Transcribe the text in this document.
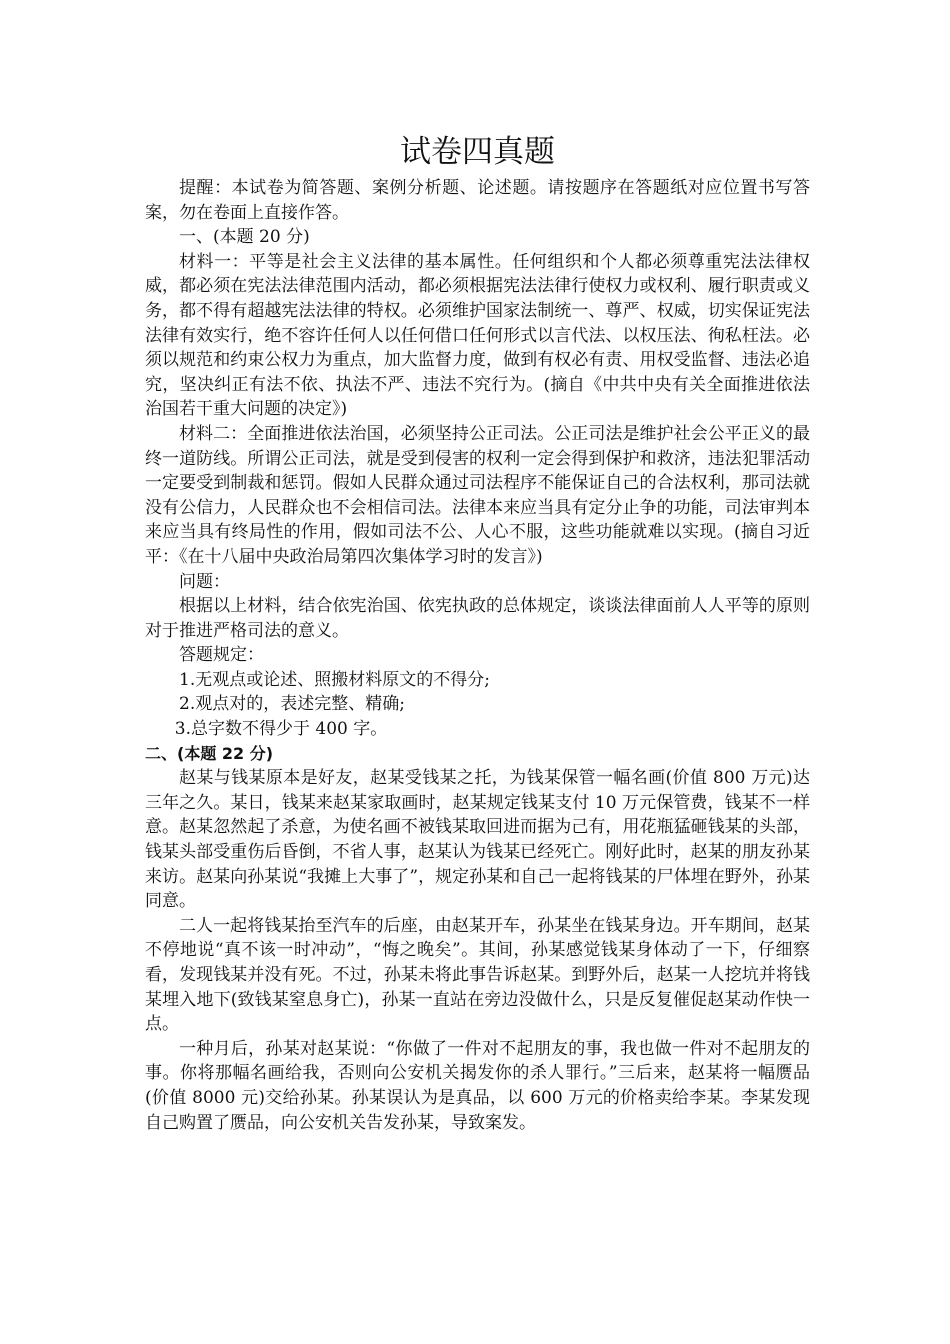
试卷四真题

提醒：本试卷为简答题、案例分析题、论述题。请按题序在答题纸对应位置书写答案，勿在卷面上直接作答。

一、(本题 20 分)

材料一：平等是社会主义法律的基本属性。任何组织和个人都必须尊重宪法法律权威，都必须在宪法法律范围内活动，都必须根据宪法法律行使权力或权利、履行职责或义务，都不得有超越宪法法律的特权。必须维护国家法制统一、尊严、权威，切实保证宪法法律有效实行，绝不容许任何人以任何借口任何形式以言代法、以权压法、徇私枉法。必须以规范和约束公权力为重点，加大监督力度，做到有权必有责、用权受监督、违法必追究，坚决纠正有法不依、执法不严、违法不究行为。(摘自《中共中央有关全面推进依法治国若干重大问题的决定》)

材料二：全面推进依法治国，必须坚持公正司法。公正司法是维护社会公平正义的最终一道防线。所谓公正司法，就是受到侵害的权利一定会得到保护和救济，违法犯罪活动一定要受到制裁和惩罚。假如人民群众通过司法程序不能保证自己的合法权利，那司法就没有公信力，人民群众也不会相信司法。法律本来应当具有定分止争的功能，司法审判本来应当具有终局性的作用，假如司法不公、人心不服，这些功能就难以实现。(摘自习近平：《在十八届中央政治局第四次集体学习时的发言》)

问题：

根据以上材料，结合依宪治国、依宪执政的总体规定，谈谈法律面前人人平等的原则对于推进严格司法的意义。

答题规定：

1.无观点或论述、照搬材料原文的不得分;

2.观点对的，表述完整、精确;

3.总字数不得少于 400 字。

二、(本题 22 分)

赵某与钱某原本是好友，赵某受钱某之托，为钱某保管一幅名画(价值 800 万元)达三年之久。某日，钱某来赵某家取画时，赵某规定钱某支付 10 万元保管费，钱某不一样意。赵某忽然起了杀意，为使名画不被钱某取回进而据为己有，用花瓶猛砸钱某的头部，钱某头部受重伤后昏倒，不省人事，赵某认为钱某已经死亡。刚好此时，赵某的朋友孙某来访。赵某向孙某说“我摊上大事了”，规定孙某和自己一起将钱某的尸体埋在野外，孙某同意。

二人一起将钱某抬至汽车的后座，由赵某开车，孙某坐在钱某身边。开车期间，赵某不停地说“真不该一时冲动”，“悔之晚矣”。其间，孙某感觉钱某身体动了一下，仔细察看，发现钱某并没有死。不过，孙某未将此事告诉赵某。到野外后，赵某一人挖坑并将钱某埋入地下(致钱某窒息身亡)，孙某一直站在旁边没做什么，只是反复催促赵某动作快一点。

一种月后，孙某对赵某说：“你做了一件对不起朋友的事，我也做一件对不起朋友的事。你将那幅名画给我，否则向公安机关揭发你的杀人罪行。”三后来，赵某将一幅赝品(价值 8000 元)交给孙某。孙某误认为是真品，以 600 万元的价格卖给李某。李某发现自己购置了赝品，向公安机关告发孙某，导致案发。
